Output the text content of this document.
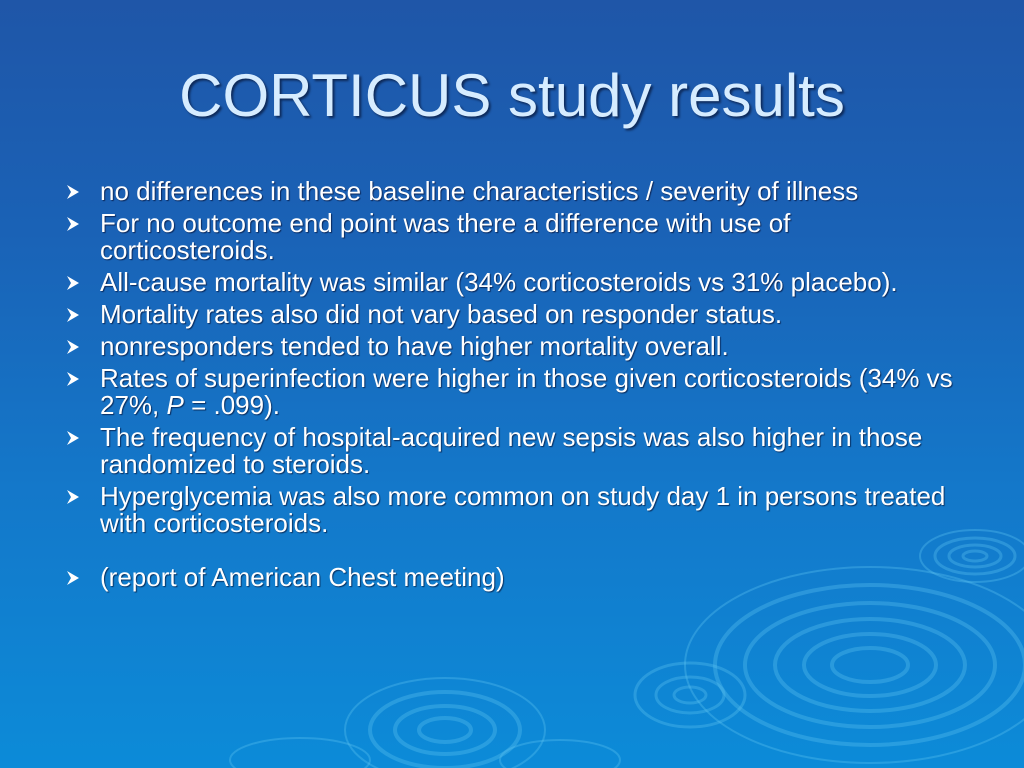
CORTICUS study results
no differences in these baseline characteristics / severity of illness
For no outcome end point was there a difference with use of corticosteroids.
All-cause mortality was similar (34% corticosteroids vs 31% placebo).
Mortality rates also did not vary based on responder status.
nonresponders tended to have higher mortality overall.
Rates of superinfection were higher in those given corticosteroids (34% vs 27%, P = .099).
The frequency of hospital-acquired new sepsis was also higher in those randomized to steroids.
Hyperglycemia was also more common on study day 1 in persons treated with corticosteroids.
(report of American Chest meeting)
